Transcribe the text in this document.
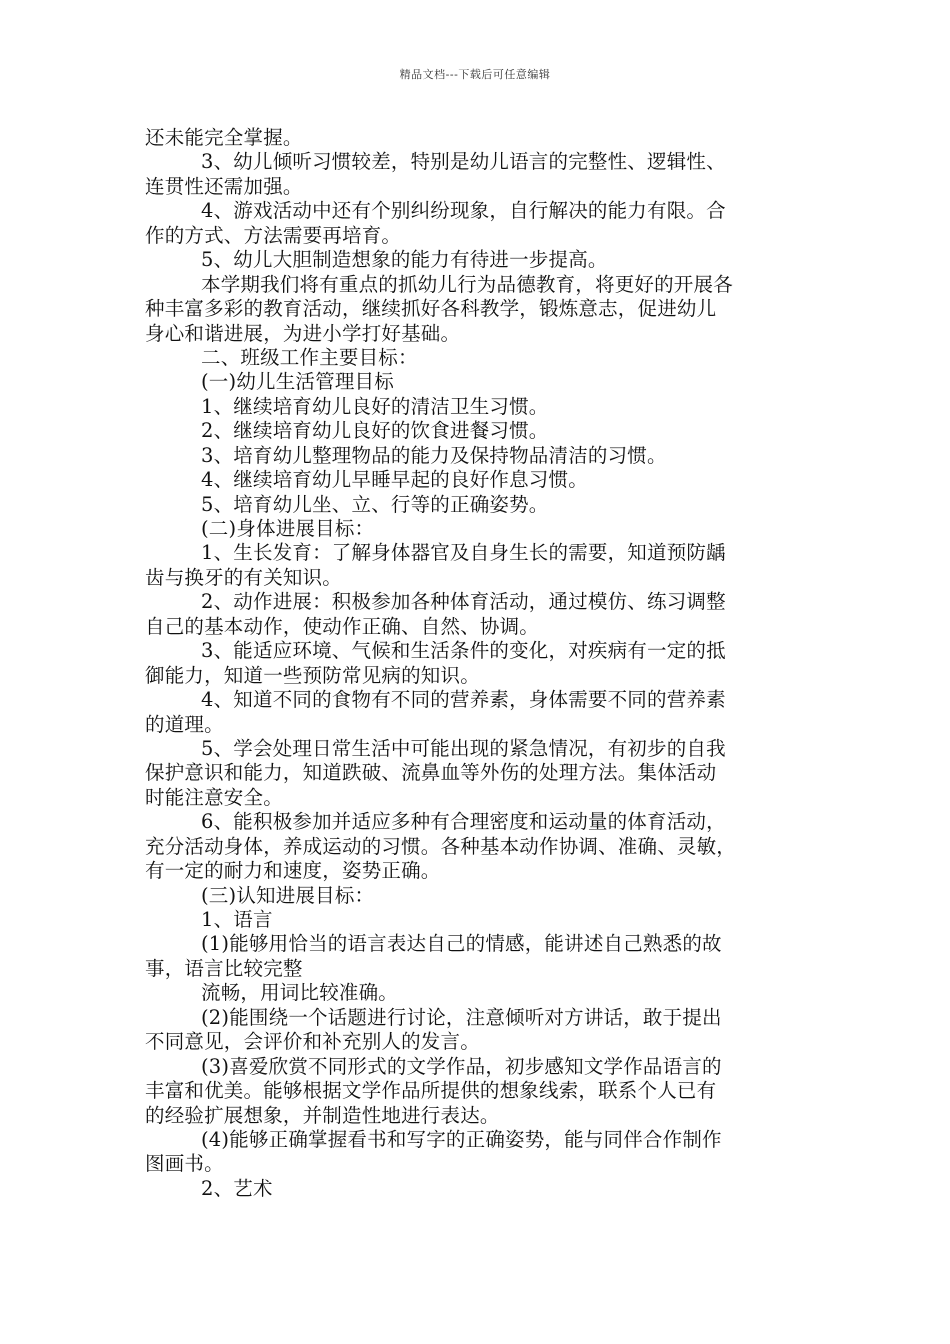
精品文档---下载后可任意编辑
还未能完全掌握。
3、幼儿倾听习惯较差，特别是幼儿语言的完整性、逻辑性、
连贯性还需加强。
4、游戏活动中还有个别纠纷现象，自行解决的能力有限。合
作的方式、方法需要再培育。
5、幼儿大胆制造想象的能力有待进一步提高。
本学期我们将有重点的抓幼儿行为品德教育，将更好的开展各
种丰富多彩的教育活动，继续抓好各科教学，锻炼意志，促进幼儿
身心和谐进展，为进小学打好基础。
二、班级工作主要目标：
(一)幼儿生活管理目标
1、继续培育幼儿良好的清洁卫生习惯。
2、继续培育幼儿良好的饮食进餐习惯。
3、培育幼儿整理物品的能力及保持物品清洁的习惯。
4、继续培育幼儿早睡早起的良好作息习惯。
5、培育幼儿坐、立、行等的正确姿势。
(二)身体进展目标：
1、生长发育：了解身体器官及自身生长的需要，知道预防龋
齿与换牙的有关知识。
2、动作进展：积极参加各种体育活动，通过模仿、练习调整
自己的基本动作，使动作正确、自然、协调。
3、能适应环境、气候和生活条件的变化，对疾病有一定的抵
御能力，知道一些预防常见病的知识。
4、知道不同的食物有不同的营养素，身体需要不同的营养素
的道理。
5、学会处理日常生活中可能出现的紧急情况，有初步的自我
保护意识和能力，知道跌破、流鼻血等外伤的处理方法。集体活动
时能注意安全。
6、能积极参加并适应多种有合理密度和运动量的体育活动，
充分活动身体，养成运动的习惯。各种基本动作协调、准确、灵敏，
有一定的耐力和速度，姿势正确。
(三)认知进展目标：
1、语言
(1)能够用恰当的语言表达自己的情感，能讲述自己熟悉的故
事，语言比较完整
流畅，用词比较准确。
(2)能围绕一个话题进行讨论，注意倾听对方讲话，敢于提出
不同意见，会评价和补充别人的发言。
(3)喜爱欣赏不同形式的文学作品，初步感知文学作品语言的
丰富和优美。能够根据文学作品所提供的想象线索，联系个人已有
的经验扩展想象，并制造性地进行表达。
(4)能够正确掌握看书和写字的正确姿势，能与同伴合作制作
图画书。
2、艺术
